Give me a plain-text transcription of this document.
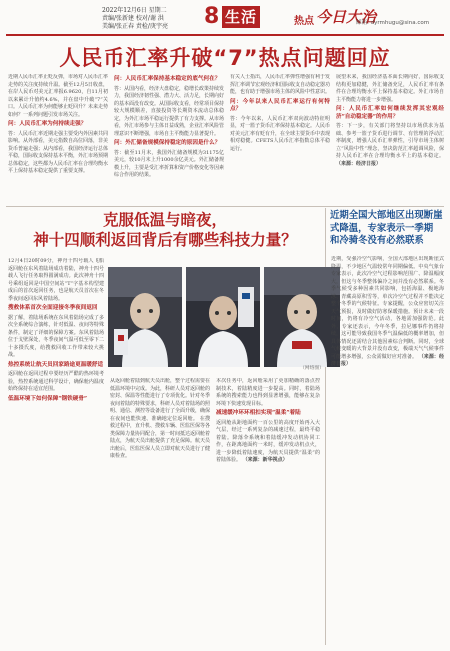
2022年12月6日 星期二
责编/张新建 校对/谢 洪
美编/张正春 责检/庚宇亮	8 生活	热点 今日大治
邮箱: dyrmhugu@sina.com
人民币汇率升破“7”热点问题回应
近期人民币汇率止贬反弹，市场对人民币汇率走势的关注度持续升温。截至12月5日收盘，在岸人民币对美元汇率报6.9620，自11月初以来累计升值约4.6%，并在盘中升破“7”关口。人民币汇率为何能够止贬回升？未来走势如何？一系列问题引发市场关注。
问：人民币汇率为何持续走强？
答：人民币汇率近期走强主要受内外因素共同影响。从外部看，美元指数自高位回落，非美货币普遍走强；从内部看，我国经济运行总体平稳，国际收支保持基本平衡，外汇市场预期总体稳定，这些都为人民币汇率在合理均衡水平上保持基本稳定提供了重要支撑。
问：人民币汇率保持基本稳定的底气何在？
答：从国内看，经济大盘稳定，稳增长政策持续发力，我国经济韧性强、潜力大、活力足，长期向好的基本面没有改变。从国际收支看，经常项目保持较大规模顺差，直接投资等长期资本流动总体稳定，为外汇市场平稳运行提供了有力支撑。从市场看，外汇市场参与主体日益成熟，企业汇率风险管理意识不断增强，市场自主平衡能力显著提升。
问：外汇储备规模保持稳定的原因是什么？
答：截至11月末，我国外汇储备规模为31175亿美元，较10月末上升1000余亿美元。外汇储备规模上升，主要是受汇率折算和资产价格变化等因素综合作用的结果。
有关人士指出，人民币汇率弹性增强有利于发挥汇率调节宏观经济和国际收支自动稳定器功能，也有助于增强市场主体的风险中性意识。
问：今年以来人民币汇率运行有何特点？
答：今年以来，人民币汇率双向波动特征明显，对一篮子货币汇率保持基本稳定。人民币对美元汇率有贬有升，在全球主要货币中表现相对稳健。CFETS人民币汇率指数总体平稳运行。
展望未来，我国经济基本面长期向好，国际收支结构更加稳健，外汇储备充足，人民币汇率有条件在合理均衡水平上保持基本稳定。外汇市场自主平衡能力将进一步增强。
问：人民币汇率如何继续发挥其宏观经济“自动稳定器”的作用？
答：下一步，有关部门将坚持以市场供求为基础、参考一篮子货币进行调节、有管理的浮动汇率制度，增强人民币汇率弹性，引导市场主体树立“风险中性”理念，坚决防范汇率超调风险，保持人民币汇率在合理均衡水平上的基本稳定。 （来源：经济日报）
克服低温与暗夜，
神十四顺利返回背后有哪些科技力量？
12月4日20时09分，神舟十四号载人飞船返回舱在东风着陆场成功着陆，神舟十四号载人飞行任务取得圆满成功。此次神舟十四号乘组返回是中国空间站“T”字基本构型建成后的首次返回任务，也是航天员首次在冬季夜间返回东风着陆场。
搜救体系首次全面迎接冬季夜间返回
据了解，着陆场系统在东风着陆场完成了多次全系统综合演练，针对低温、夜间等特殊条件，制定了详细的保障方案。东风着陆场位于戈壁深处，冬季夜间气温可低至零下二十多摄氏度，给搜救回收工作带来较大挑战。
热控系统让航天员回家路途更温暖舒适
返回舱在返回过程中要经历严酷的热环境考验，热控系统通过科学设计，确保舱内温度始终保持在适宜范围。
低温环境下如何保障“钢铁硬骨”
（网络图）
从返回舱着陆到航天员出舱，整个过程需要在低温环境中完成。为此，科研人员对返回舱的密封、保温等性能进行了专项优化。针对冬季夜间着陆的特殊要求，科研人员对着陆场的照明、通信、测控等设备进行了全面升级，确保在夜间也能快速、准确地定位返回舱。 在搜救过程中，直升机、搜救车辆、医监医保等各类保障力量协同配合，第一时间抵达返回舱着陆点，为航天员出舱提供了充足保障。航天员出舱后，医监医保人员立即对航天员进行了健康检查。
本次任务中，返回舱采用了更加精确的落点控制技术，着陆精度进一步提高。同时，着陆场系统的搜索能力也得到显著增强，能够在复杂环境下快速发现目标。
减速缓冲环环相扣实现“温柔”着陆
返回舱从距地面约一百公里的高度开始再入大气层，经过一系列复杂的减速过程，最终平稳着陆。降落伞系统和着陆缓冲发动机协同工作，在距离地面约一米时，缓冲发动机点火，进一步降低着陆速度，为航天员提供“温柔”的着陆体验。 （来源：新华视点）
近期全国大部地区出现断崖
式降温，专家表示一季期
和冷骑冬没有必然联系
近期，受强冷空气影响，全国大部地区出现断崖式降温，不少地区气温较常年同期偏低。中央气象台专家表示，此次冷空气过程影响范围广、降温幅度大，但这与冬季整体偏冷之间并没有必然联系。冬季气候受多种因素共同影响，包括海温、极地海冰、青藏高原积雪等，单次冷空气过程并不能决定整个冬季的气候特征。专家提醒，公众应密切关注天气预报，及时做好防寒保暖措施。预计未来一段时间，仍将有冷空气活动，各地需加强防范。此外，专家还表示，今年冬季，拉尼娜事件仍将持续，这可能导致我国冬季气温偏低的概率增加，但具体情况还需结合其他因素综合判断。同时，全球气候变暖的大背景并没有改变，极端天气气候事件可能增多增强，公众需做好应对准备。 （来源：经济日报）
